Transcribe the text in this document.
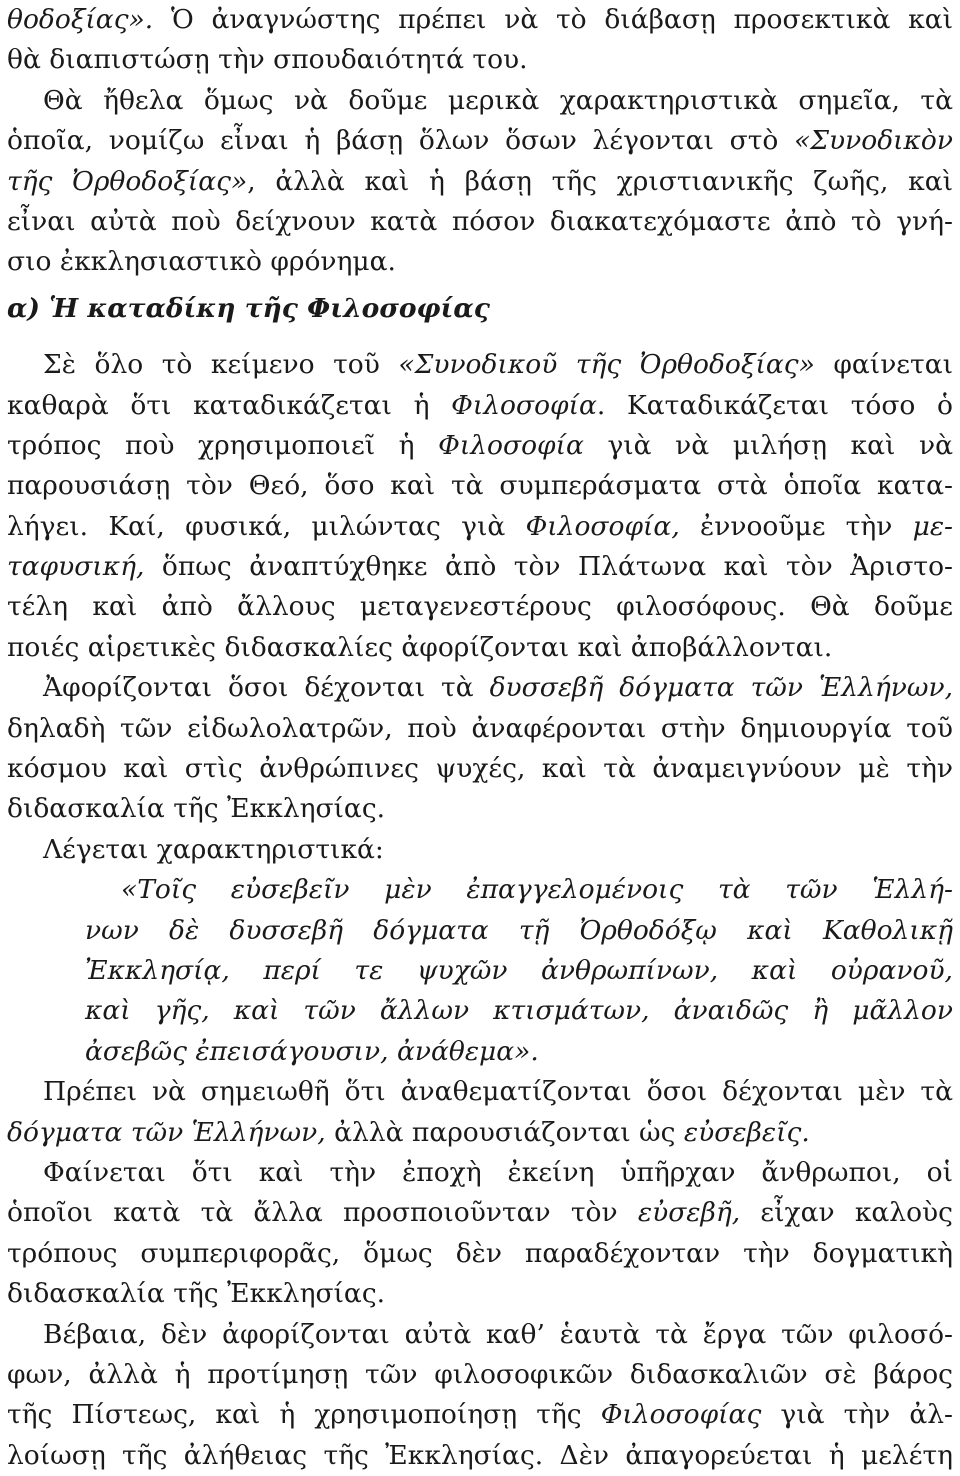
θοδοξίας». Ὁ ἀναγνώστης πρέπει νὰ τὸ διάβασῃ προσεκτικὰ καὶ
θὰ διαπιστώσῃ τὴν σπουδαιότητά του.
Θὰ ἤθελα ὅμως νὰ δοῦμε μερικὰ χαρακτηριστικὰ σημεῖα, τὰ
ὁποῖα, νομίζω εἶναι ἡ βάσῃ ὅλων ὅσων λέγονται στὸ «Συνοδικὸν
τῆς Ὀρθοδοξίας», ἀλλὰ καὶ ἡ βάσῃ τῆς χριστιανικῆς ζωῆς, καὶ
εἶναι αὐτὰ ποὺ δείχνουν κατὰ πόσον διακατεχόμαστε ἀπὸ τὸ γνή-
σιο ἐκκλησιαστικὸ φρόνημα.
α) Ἡ καταδίκη τῆς Φιλοσοφίας
Σὲ ὅλο τὸ κείμενο τοῦ «Συνοδικοῦ τῆς Ὀρθοδοξίας» φαίνεται
καθαρὰ ὅτι καταδικάζεται ἡ Φιλοσοφία. Καταδικάζεται τόσο ὁ
τρόπος ποὺ χρησιμοποιεῖ ἡ Φιλοσοφία γιὰ νὰ μιλήσῃ καὶ νὰ
παρουσιάσῃ τὸν Θεό, ὅσο καὶ τὰ συμπεράσματα στὰ ὁποῖα κατα-
λήγει. Καί, φυσικά, μιλώντας γιὰ Φιλοσοφία, ἐννοοῦμε τὴν με-
ταφυσική, ὅπως ἀναπτύχθηκε ἀπὸ τὸν Πλάτωνα καὶ τὸν Ἀριστο-
τέλη καὶ ἀπὸ ἄλλους μεταγενεστέρους φιλοσόφους. Θὰ δοῦμε
ποιές αἱρετικὲς διδασκαλίες ἀφορίζονται καὶ ἀποβάλλονται.
Ἀφορίζονται ὅσοι δέχονται τὰ δυσσεβῆ δόγματα τῶν Ἑλλήνων,
δηλαδὴ τῶν εἰδωλολατρῶν, ποὺ ἀναφέρονται στὴν δημιουργία τοῦ
κόσμου καὶ στὶς ἀνθρώπινες ψυχές, καὶ τὰ ἀναμειγνύουν μὲ τὴν
διδασκαλία τῆς Ἐκκλησίας.
Λέγεται χαρακτηριστικά:
«Τοῖς εὐσεβεῖν μὲν ἐπαγγελομένοις τὰ τῶν Ἑλλή-
νων δὲ δυσσεβῆ δόγματα τῇ Ὀρθοδόξῳ καὶ Καθολικῇ
Ἐκκλησίᾳ, περί τε ψυχῶν ἀνθρωπίνων, καὶ οὐρανοῦ,
καὶ γῆς, καὶ τῶν ἄλλων κτισμάτων, ἀναιδῶς ἢ μᾶλλον
ἀσεβῶς ἐπεισάγουσιν, ἀνάθεμα».
Πρέπει νὰ σημειωθῆ ὅτι ἀναθεματίζονται ὅσοι δέχονται μὲν τὰ
δόγματα τῶν Ἑλλήνων, ἀλλὰ παρουσιάζονται ὡς εὐσεβεῖς.
Φαίνεται ὅτι καὶ τὴν ἐποχὴ ἐκείνη ὑπῆρχαν ἄνθρωποι, οἱ
ὁποῖοι κατὰ τὰ ἄλλα προσποιοῦνταν τὸν εὐσεβῆ, εἶχαν καλοὺς
τρόπους συμπεριφορᾶς, ὅμως δὲν παραδέχονταν τὴν δογματικὴ
διδασκαλία τῆς Ἐκκλησίας.
Βέβαια, δὲν ἀφορίζονται αὐτὰ καθ’ ἑαυτὰ τὰ ἔργα τῶν φιλοσό-
φων, ἀλλὰ ἡ προτίμησῃ τῶν φιλοσοφικῶν διδασκαλιῶν σὲ βάρος
τῆς Πίστεως, καὶ ἡ χρησιμοποίησῃ τῆς Φιλοσοφίας γιὰ τὴν ἀλ-
λοίωσῃ τῆς ἀλήθειας τῆς Ἐκκλησίας. Δὲν ἀπαγορεύεται ἡ μελέτη
